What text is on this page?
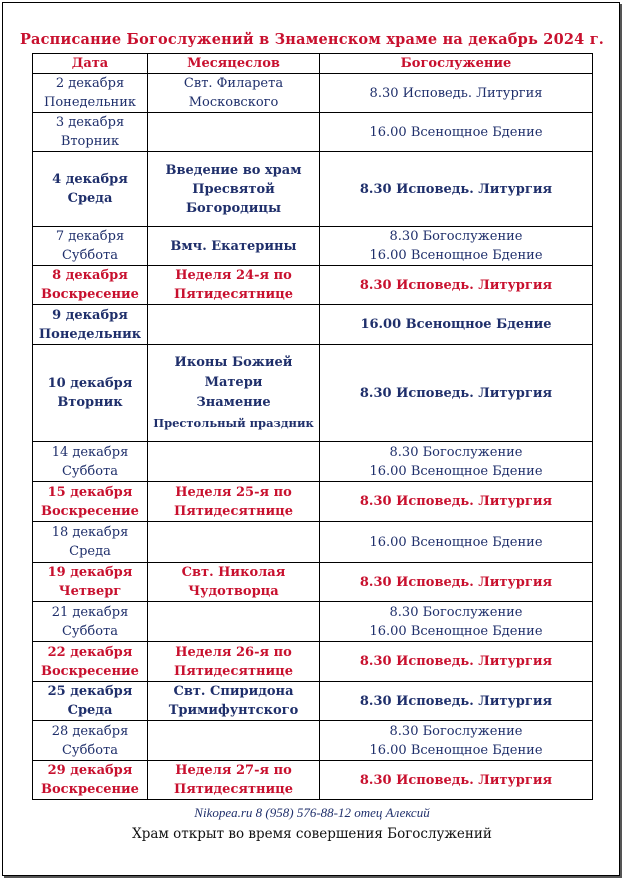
Расписание Богослужений в Знаменском храме на декабрь 2024 г.
Дата	Месяцеслов	Богослужение

2 декабря
Понедельник	Свт. Филарета
Московского	8.30 Исповедь. Литургия

3 декабря
Вторник		16.00 Всенощное Бдение

4 декабря
Среда	Введение во храм
Пресвятой
Богородицы	8.30 Исповедь. Литургия

7 декабря
Суббота	Вмч. Екатерины	8.30 Богослужение
16.00 Всенощное Бдение

8 декабря
Воскресение	Неделя 24-я по
Пятидесятнице	8.30 Исповедь. Литургия

9 декабря
Понедельник		16.00 Всенощное Бдение

10 декабря
Вторник	Иконы Божией
Матери
Знамение
Престольный праздник	8.30 Исповедь. Литургия

14 декабря
Суббота		8.30 Богослужение
16.00 Всенощное Бдение

15 декабря
Воскресение	Неделя 25-я по
Пятидесятнице	8.30 Исповедь. Литургия

18 декабря
Среда		16.00 Всенощное Бдение

19 декабря
Четверг	Свт. Николая
Чудотворца	8.30 Исповедь. Литургия

21 декабря
Суббота		8.30 Богослужение
16.00 Всенощное Бдение

22 декабря
Воскресение	Неделя 26-я по
Пятидесятнице	8.30 Исповедь. Литургия

25 декабря
Среда	Свт. Спиридона
Тримифунтского	8.30 Исповедь. Литургия

28 декабря
Суббота		8.30 Богослужение
16.00 Всенощное Бдение

29 декабря
Воскресение	Неделя 27-я по
Пятидесятнице	8.30 Исповедь. Литургия
Nikopea.ru 8 (958) 576-88-12 отец Алексий
Храм открыт во время совершения Богослужений
